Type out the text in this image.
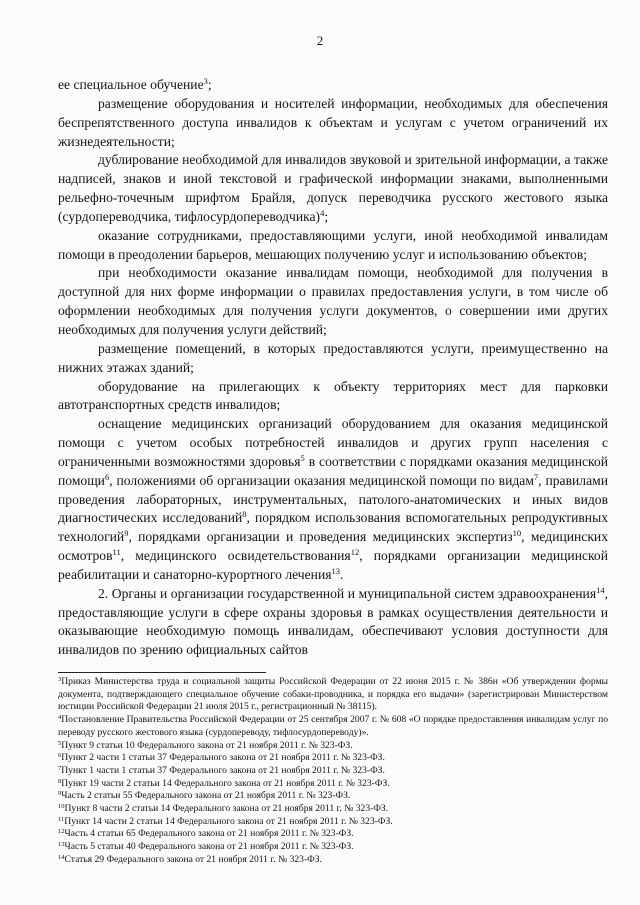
2

ее специальное обучение$^3$;

размещение оборудования и носителей информации, необходимых для обеспечения беспрепятственного доступа инвалидов к объектам и услугам с учетом ограничений их жизнедеятельности;

дублирование необходимой для инвалидов звуковой и зрительной информации, а также надписей, знаков и иной текстовой и графической информации знаками, выполненными рельефно-точечным шрифтом Брайля, допуск переводчика русского жестового языка (сурдопереводчика, тифлосурдопереводчика)$^4$;

оказание сотрудниками, предоставляющими услуги, иной необходимой инвалидам помощи в преодолении барьеров, мешающих получению услуг и использованию объектов;

при необходимости оказание инвалидам помощи, необходимой для получения в доступной для них форме информации о правилах предоставления услуги, в том числе об оформлении необходимых для получения услуги документов, о совершении ими других необходимых для получения услуги действий;

размещение помещений, в которых предоставляются услуги, преимущественно на нижних этажах зданий;

оборудование на прилегающих к объекту территориях мест для парковки автотранспортных средств инвалидов;

оснащение медицинских организаций оборудованием для оказания медицинской помощи с учетом особых потребностей инвалидов и других групп населения с ограниченными возможностями здоровья$^5$ в соответствии с порядками оказания медицинской помощи$^6$, положениями об организации оказания медицинской помощи по видам$^7$, правилами проведения лабораторных, инструментальных, патолого-анатомических и иных видов диагностических исследований$^8$, порядком использования вспомогательных репродуктивных технологий$^9$, порядками организации и проведения медицинских экспертиз$^{10}$, медицинских осмотров$^{11}$, медицинского освидетельствования$^{12}$, порядками организации медицинской реабилитации и санаторно-курортного лечения$^{13}$.

2. Органы и организации государственной и муниципальной систем здравоохранения$^{14}$, предоставляющие услуги в сфере охраны здоровья в рамках осуществления деятельности и оказывающие необходимую помощь инвалидам, обеспечивают условия доступности для инвалидов по зрению официальных сайтов

$^3$Приказ Министерства труда и социальной защиты Российской Федерации от 22 июня 2015 г. № 386н «Об утверждении формы документа, подтверждающего специальное обучение собаки-проводника, и порядка его выдачи» (зарегистрирован Министерством юстиции Российской Федерации 21 июля 2015 г., регистрационный № 38115).

$^4$Постановление Правительства Российской Федерации от 25 сентября 2007 г. № 608 «О порядке предоставления инвалидам услуг по переводу русского жестового языка (сурдопереводу, тифлосурдопереводу)».

$^5$Пункт 9 статьи 10 Федерального закона от 21 ноября 2011 г. № 323-ФЗ.

$^6$Пункт 2 части 1 статьи 37 Федерального закона от 21 ноября 2011 г. № 323-ФЗ.

$^7$Пункт 1 части 1 статьи 37 Федерального закона от 21 ноября 2011 г. № 323-ФЗ.

$^8$Пункт 19 части 2 статьи 14 Федерального закона от 21 ноября 2011 г. № 323-ФЗ.

$^9$Часть 2 статьи 55 Федерального закона от 21 ноября 2011 г. № 323-ФЗ.

$^{10}$Пункт 8 части 2 статьи 14 Федерального закона от 21 ноября 2011 г. № 323-ФЗ.

$^{11}$Пункт 14 части 2 статьи 14 Федерального закона от 21 ноября 2011 г. № 323-ФЗ.

$^{12}$Часть 4 статьи 65 Федерального закона от 21 ноября 2011 г. № 323-ФЗ.

$^{13}$Часть 5 статьи 40 Федерального закона от 21 ноября 2011 г. № 323-ФЗ.

$^{14}$Статья 29 Федерального закона от 21 ноября 2011 г. № 323-ФЗ.
